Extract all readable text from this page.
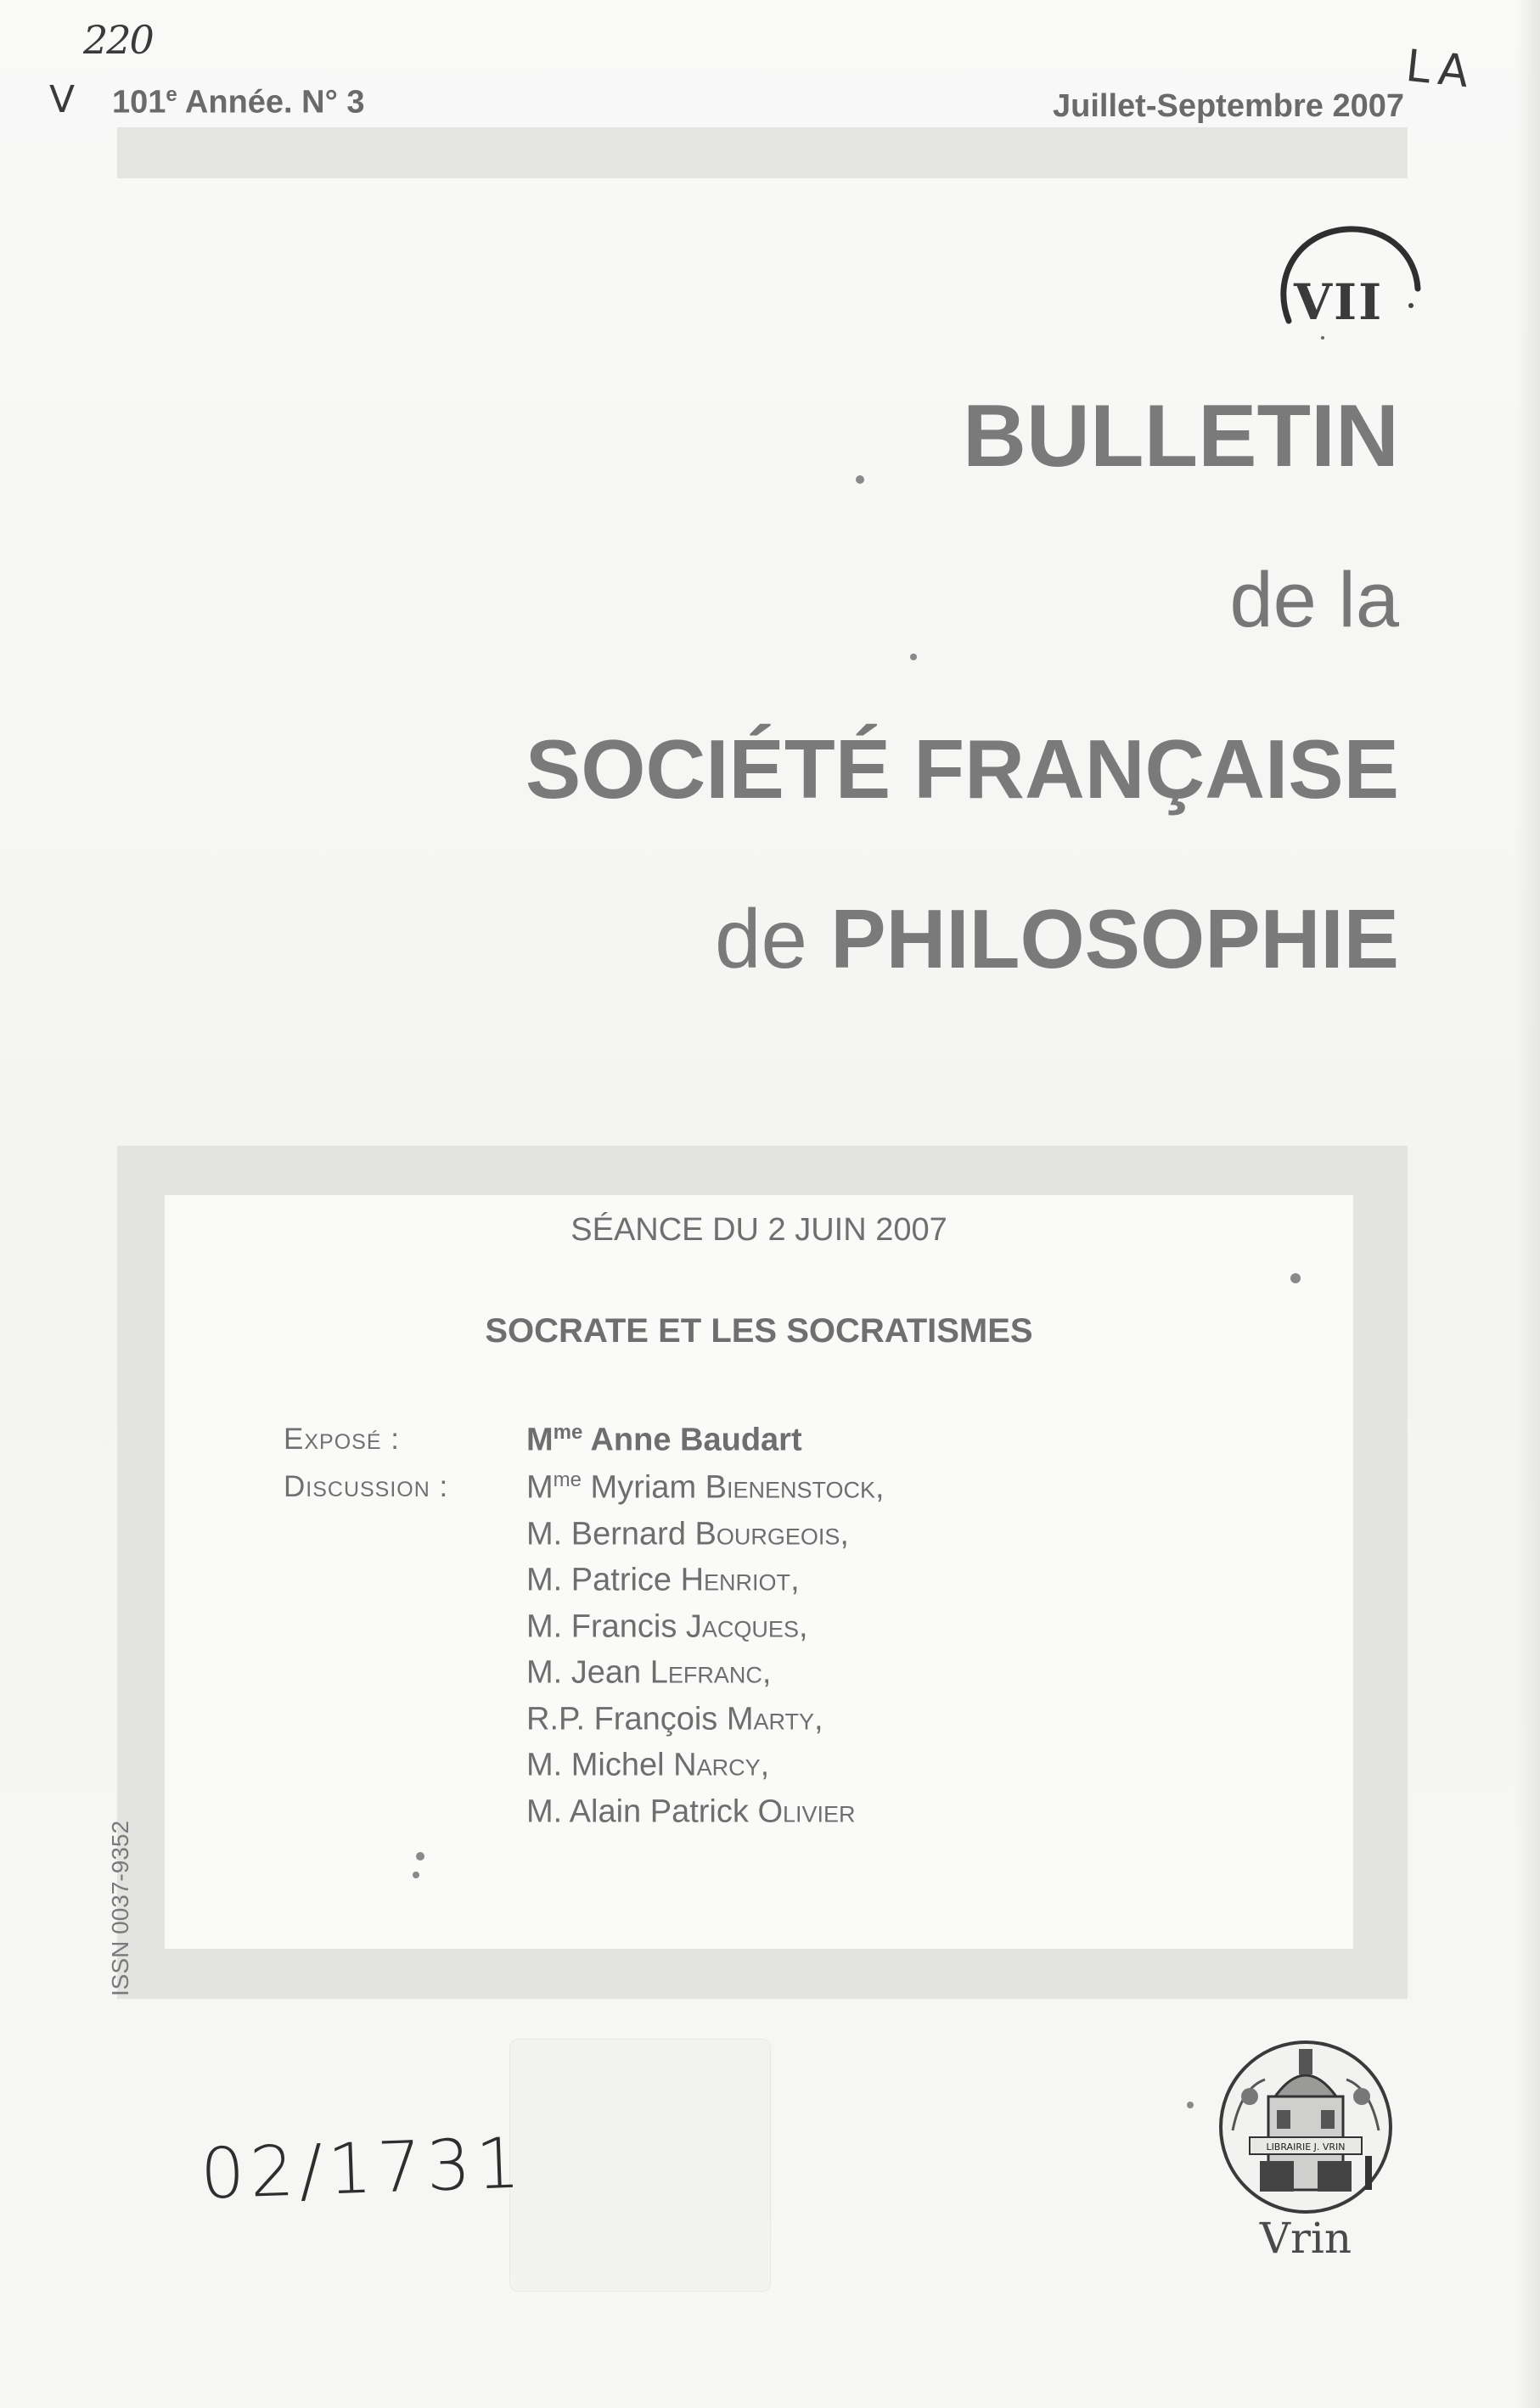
220
V
LA
101e Année. N° 3	Juillet-Septembre 2007
VII
BULLETIN
de la
SOCIÉTÉ FRANÇAISE
de PHILOSOPHIE
SÉANCE DU 2 JUIN 2007
SOCRATE ET LES SOCRATISMES
Exposé :	$M^{me}$ Anne Baudart
Discussion : $M^{me}$ Myriam Bienenstock,
M. Bernard Bourgeois,
M. Patrice Henriot,
M. Francis Jacques,
M. Jean Lefranc,
R.P. François Marty,
M. Michel Narcy,
M. Alain Patrick Olivier
ISSN 0037-9352
02/1731	LIBRAIRIE J. VRIN
Vrin
